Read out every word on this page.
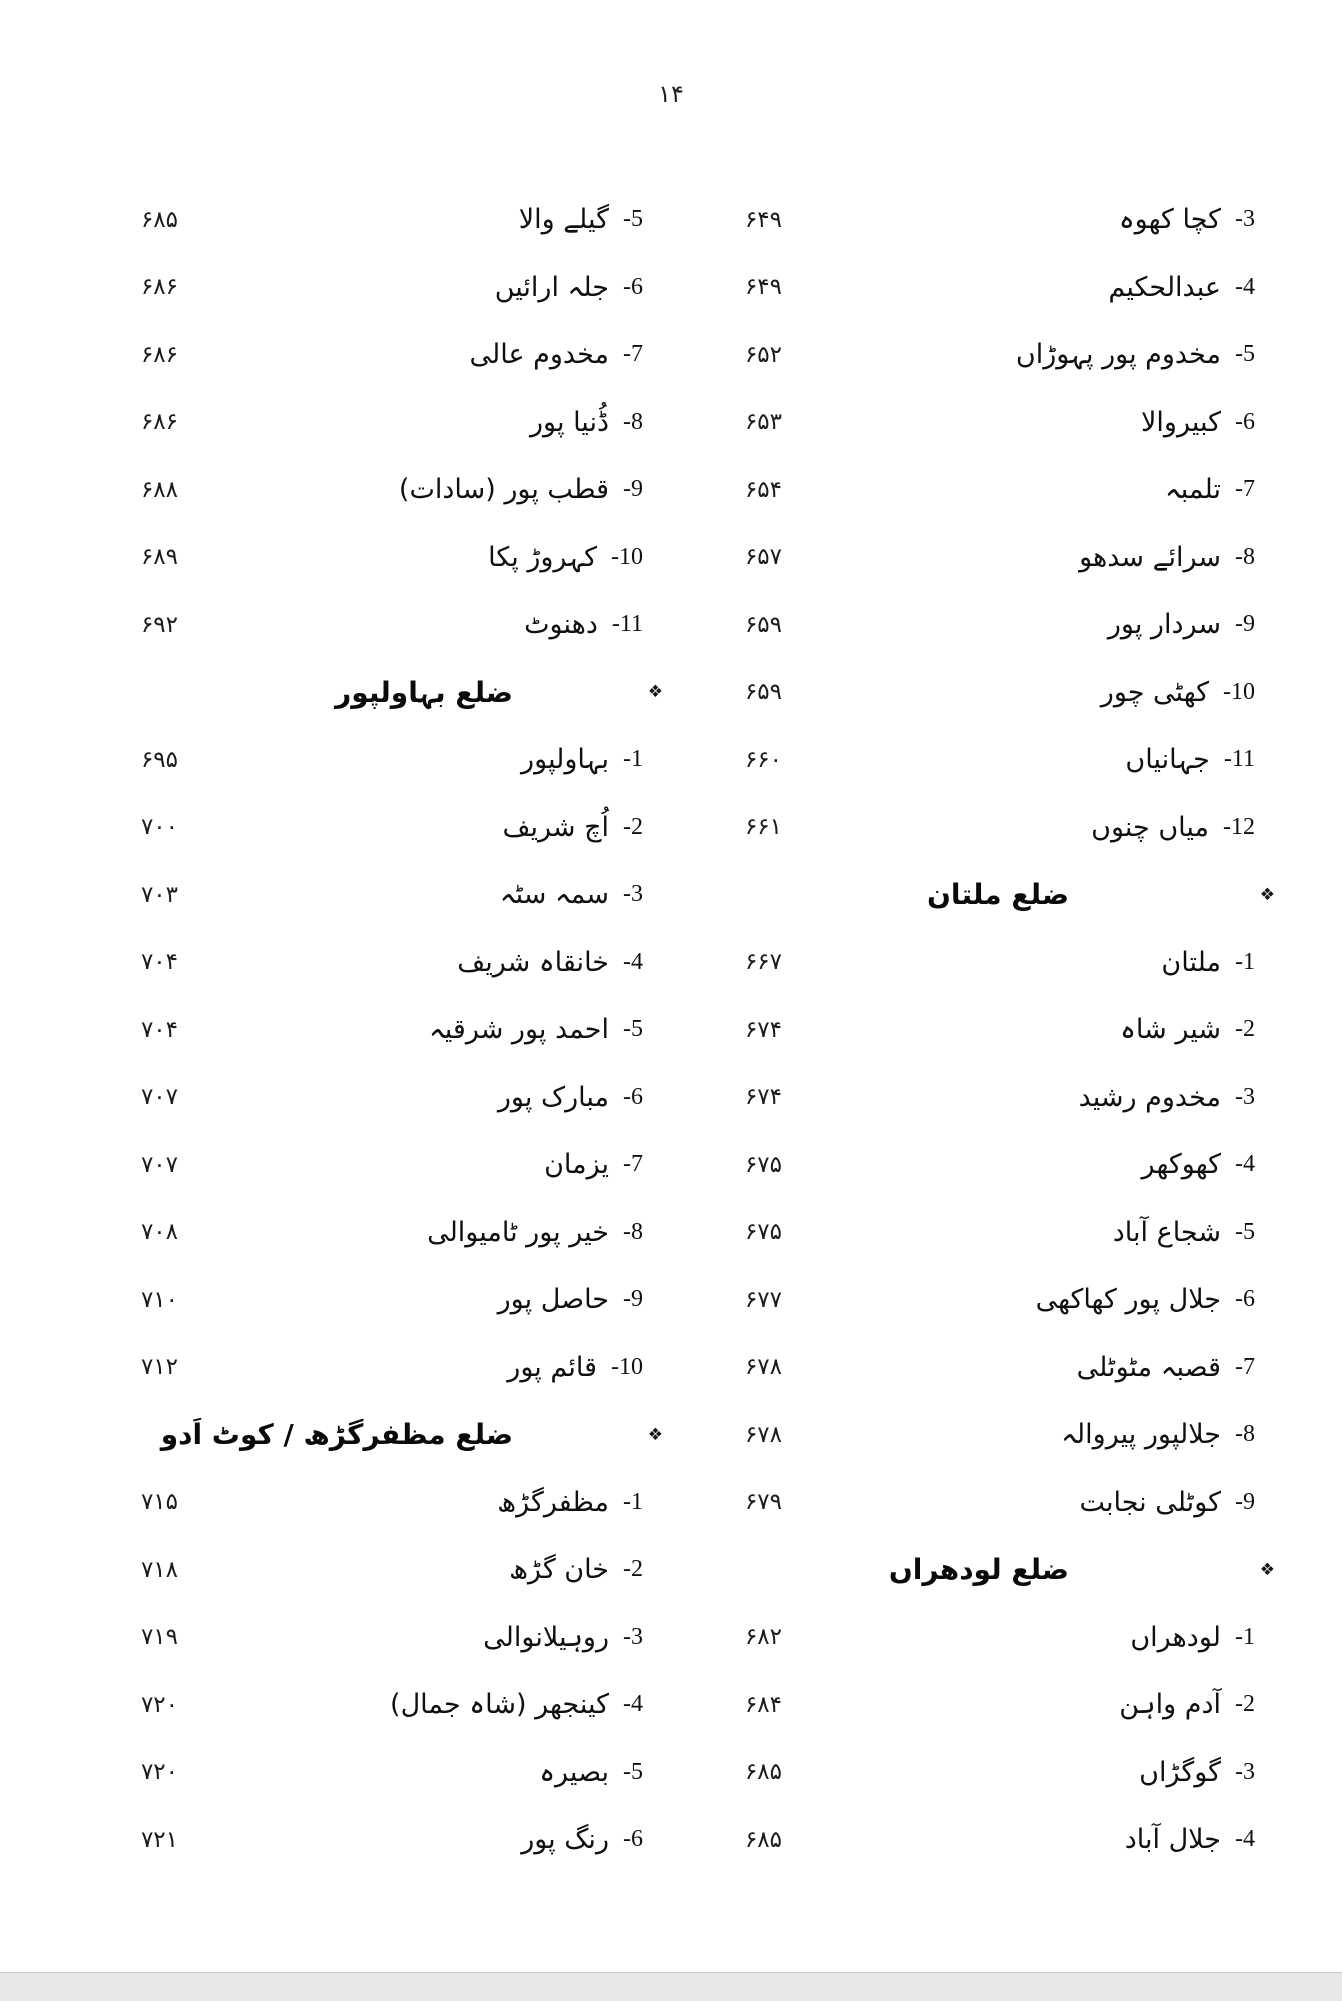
۱۴
۶۴۹
۶۴۹
۶۵۲
۶۵۳
۶۵۴
۶۵۷
۶۵۹
۶۵۹
۶۶۰
۶۶۱
۶۶۷
۶۷۴
۶۷۴
۶۷۵
۶۷۵
۶۷۷
۶۷۸
۶۷۸
۶۷۹
۶۸۲
۶۸۴
۶۸۵
۶۸۵
3-
کچا کھوہ
4-
عبدالحکیم
5-
مخدوم پور پہوڑاں
6-
کبیروالا
7-
تلمبہ
8-
سرائے سدھو
9-
سردار پور
10-
کھٹی چور
11-
جہانیاں
12-
میاں چنوں
❖
ضلع ملتان
1-
ملتان
2-
شیر شاہ
3-
مخدوم رشید
4-
کھوکھر
5-
شجاع آباد
6-
جلال پور کھاکھی
7-
قصبہ مٹوٹلی
8-
جلالپور پیروالہ
9-
کوٹلی نجابت
❖
ضلع لودھراں
1-
لودھراں
2-
آدم واہن
3-
گوگڑاں
4-
جلال آباد
۶۸۵
۶۸۶
۶۸۶
۶۸۶
۶۸۸
۶۸۹
۶۹۲
۶۹۵
۷۰۰
۷۰۳
۷۰۴
۷۰۴
۷۰۷
۷۰۷
۷۰۸
۷۱۰
۷۱۲
۷۱۵
۷۱۸
۷۱۹
۷۲۰
۷۲۰
۷۲۱
5-
گیلے والا
6-
جلہ ارائیں
7-
مخدوم عالی
8-
ڈُنیا پور
9-
قطب پور (سادات)
10-
کہروڑ پکا
11-
دھنوٹ
❖
ضلع بہاولپور
1-
بہاولپور
2-
اُچ شریف
3-
سمہ سٹہ
4-
خانقاہ شریف
5-
احمد پور شرقیہ
6-
مبارک پور
7-
یزمان
8-
خیر پور ٹامیوالی
9-
حاصل پور
10-
قائم پور
❖
ضلع مظفرگڑھ / کوٹ اَدو
1-
مظفرگڑھ
2-
خان گڑھ
3-
روہیلانوالی
4-
کینجھر (شاہ جمال)
5-
بصیرہ
6-
رنگ پور
